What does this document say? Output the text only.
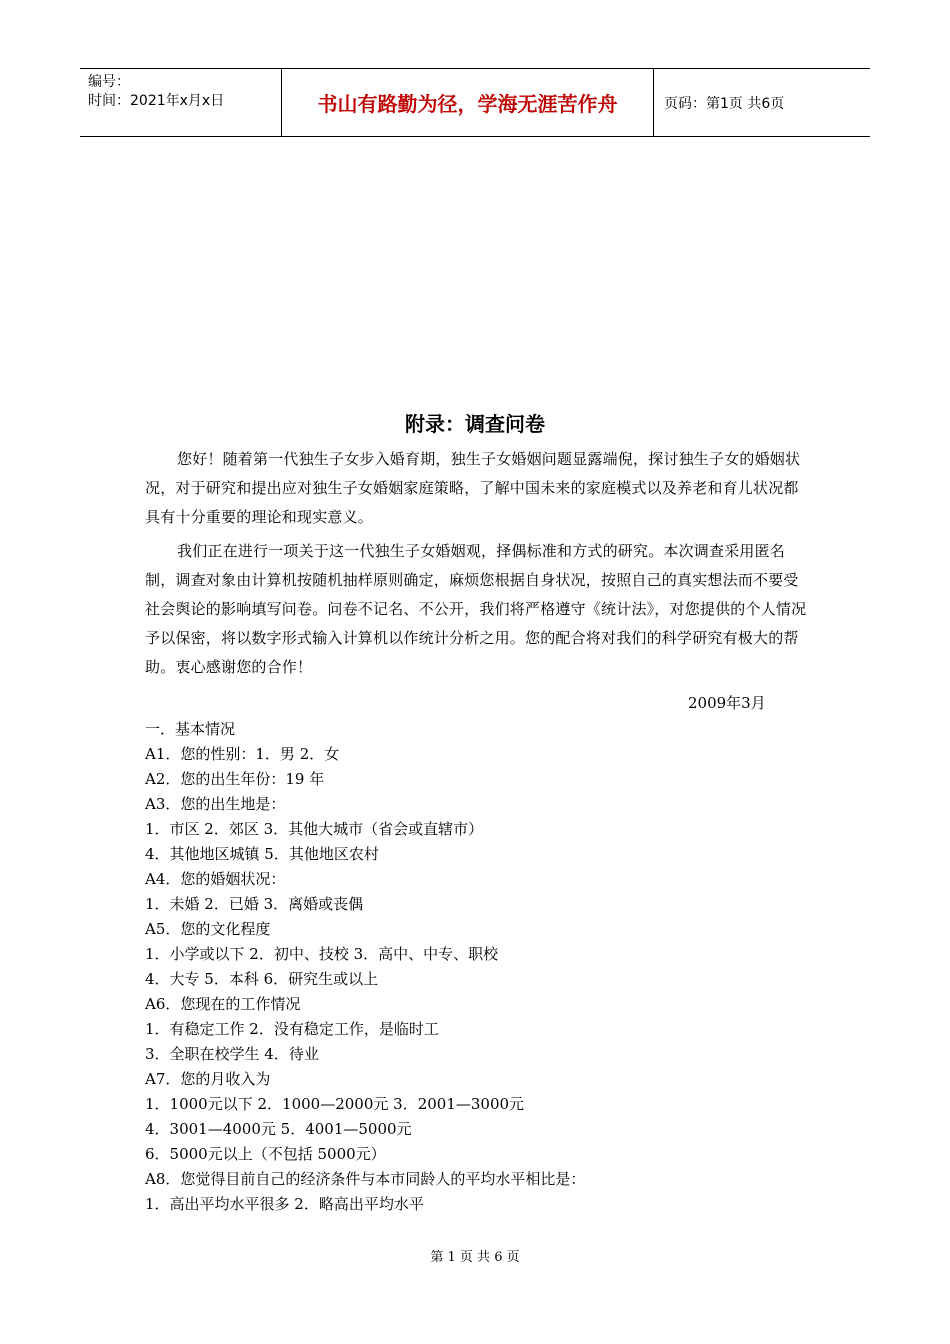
编号：
时间：2021年x月x日	书山有路勤为径，学海无涯苦作舟	页码：第1页 共6页
附录：调查问卷

您好！随着第一代独生子女步入婚育期，独生子女婚姻问题显露端倪，探讨独生子女的婚姻状况，对于研究和提出应对独生子女婚姻家庭策略，了解中国未来的家庭模式以及养老和育儿状况都具有十分重要的理论和现实意义。

我们正在进行一项关于这一代独生子女婚姻观，择偶标准和方式的研究。本次调查采用匿名制，调查对象由计算机按随机抽样原则确定，麻烦您根据自身状况，按照自己的真实想法而不要受社会舆论的影响填写问卷。问卷不记名、不公开，我们将严格遵守《统计法》，对您提供的个人情况予以保密，将以数字形式输入计算机以作统计分析之用。您的配合将对我们的科学研究有极大的帮助。衷心感谢您的合作！

2009年3月
一．基本情况
A1．您的性别：1．男 2．女
A2．您的出生年份：19 年
A3．您的出生地是：
1．市区 2．郊区 3．其他大城市（省会或直辖市）
4．其他地区城镇 5．其他地区农村
A4．您的婚姻状况：
1．未婚 2．已婚 3．离婚或丧偶
A5．您的文化程度
1．小学或以下 2．初中、技校 3．高中、中专、职校
4．大专 5．本科 6．研究生或以上
A6．您现在的工作情况
1．有稳定工作 2．没有稳定工作，是临时工
3．全职在校学生 4．待业
A7．您的月收入为
1．1000元以下 2．1000—2000元 3．2001—3000元
4．3001—4000元 5．4001—5000元
6．5000元以上（不包括 5000元）
A8．您觉得目前自己的经济条件与本市同龄人的平均水平相比是：
1．高出平均水平很多 2．略高出平均水平
第 1 页 共 6 页
